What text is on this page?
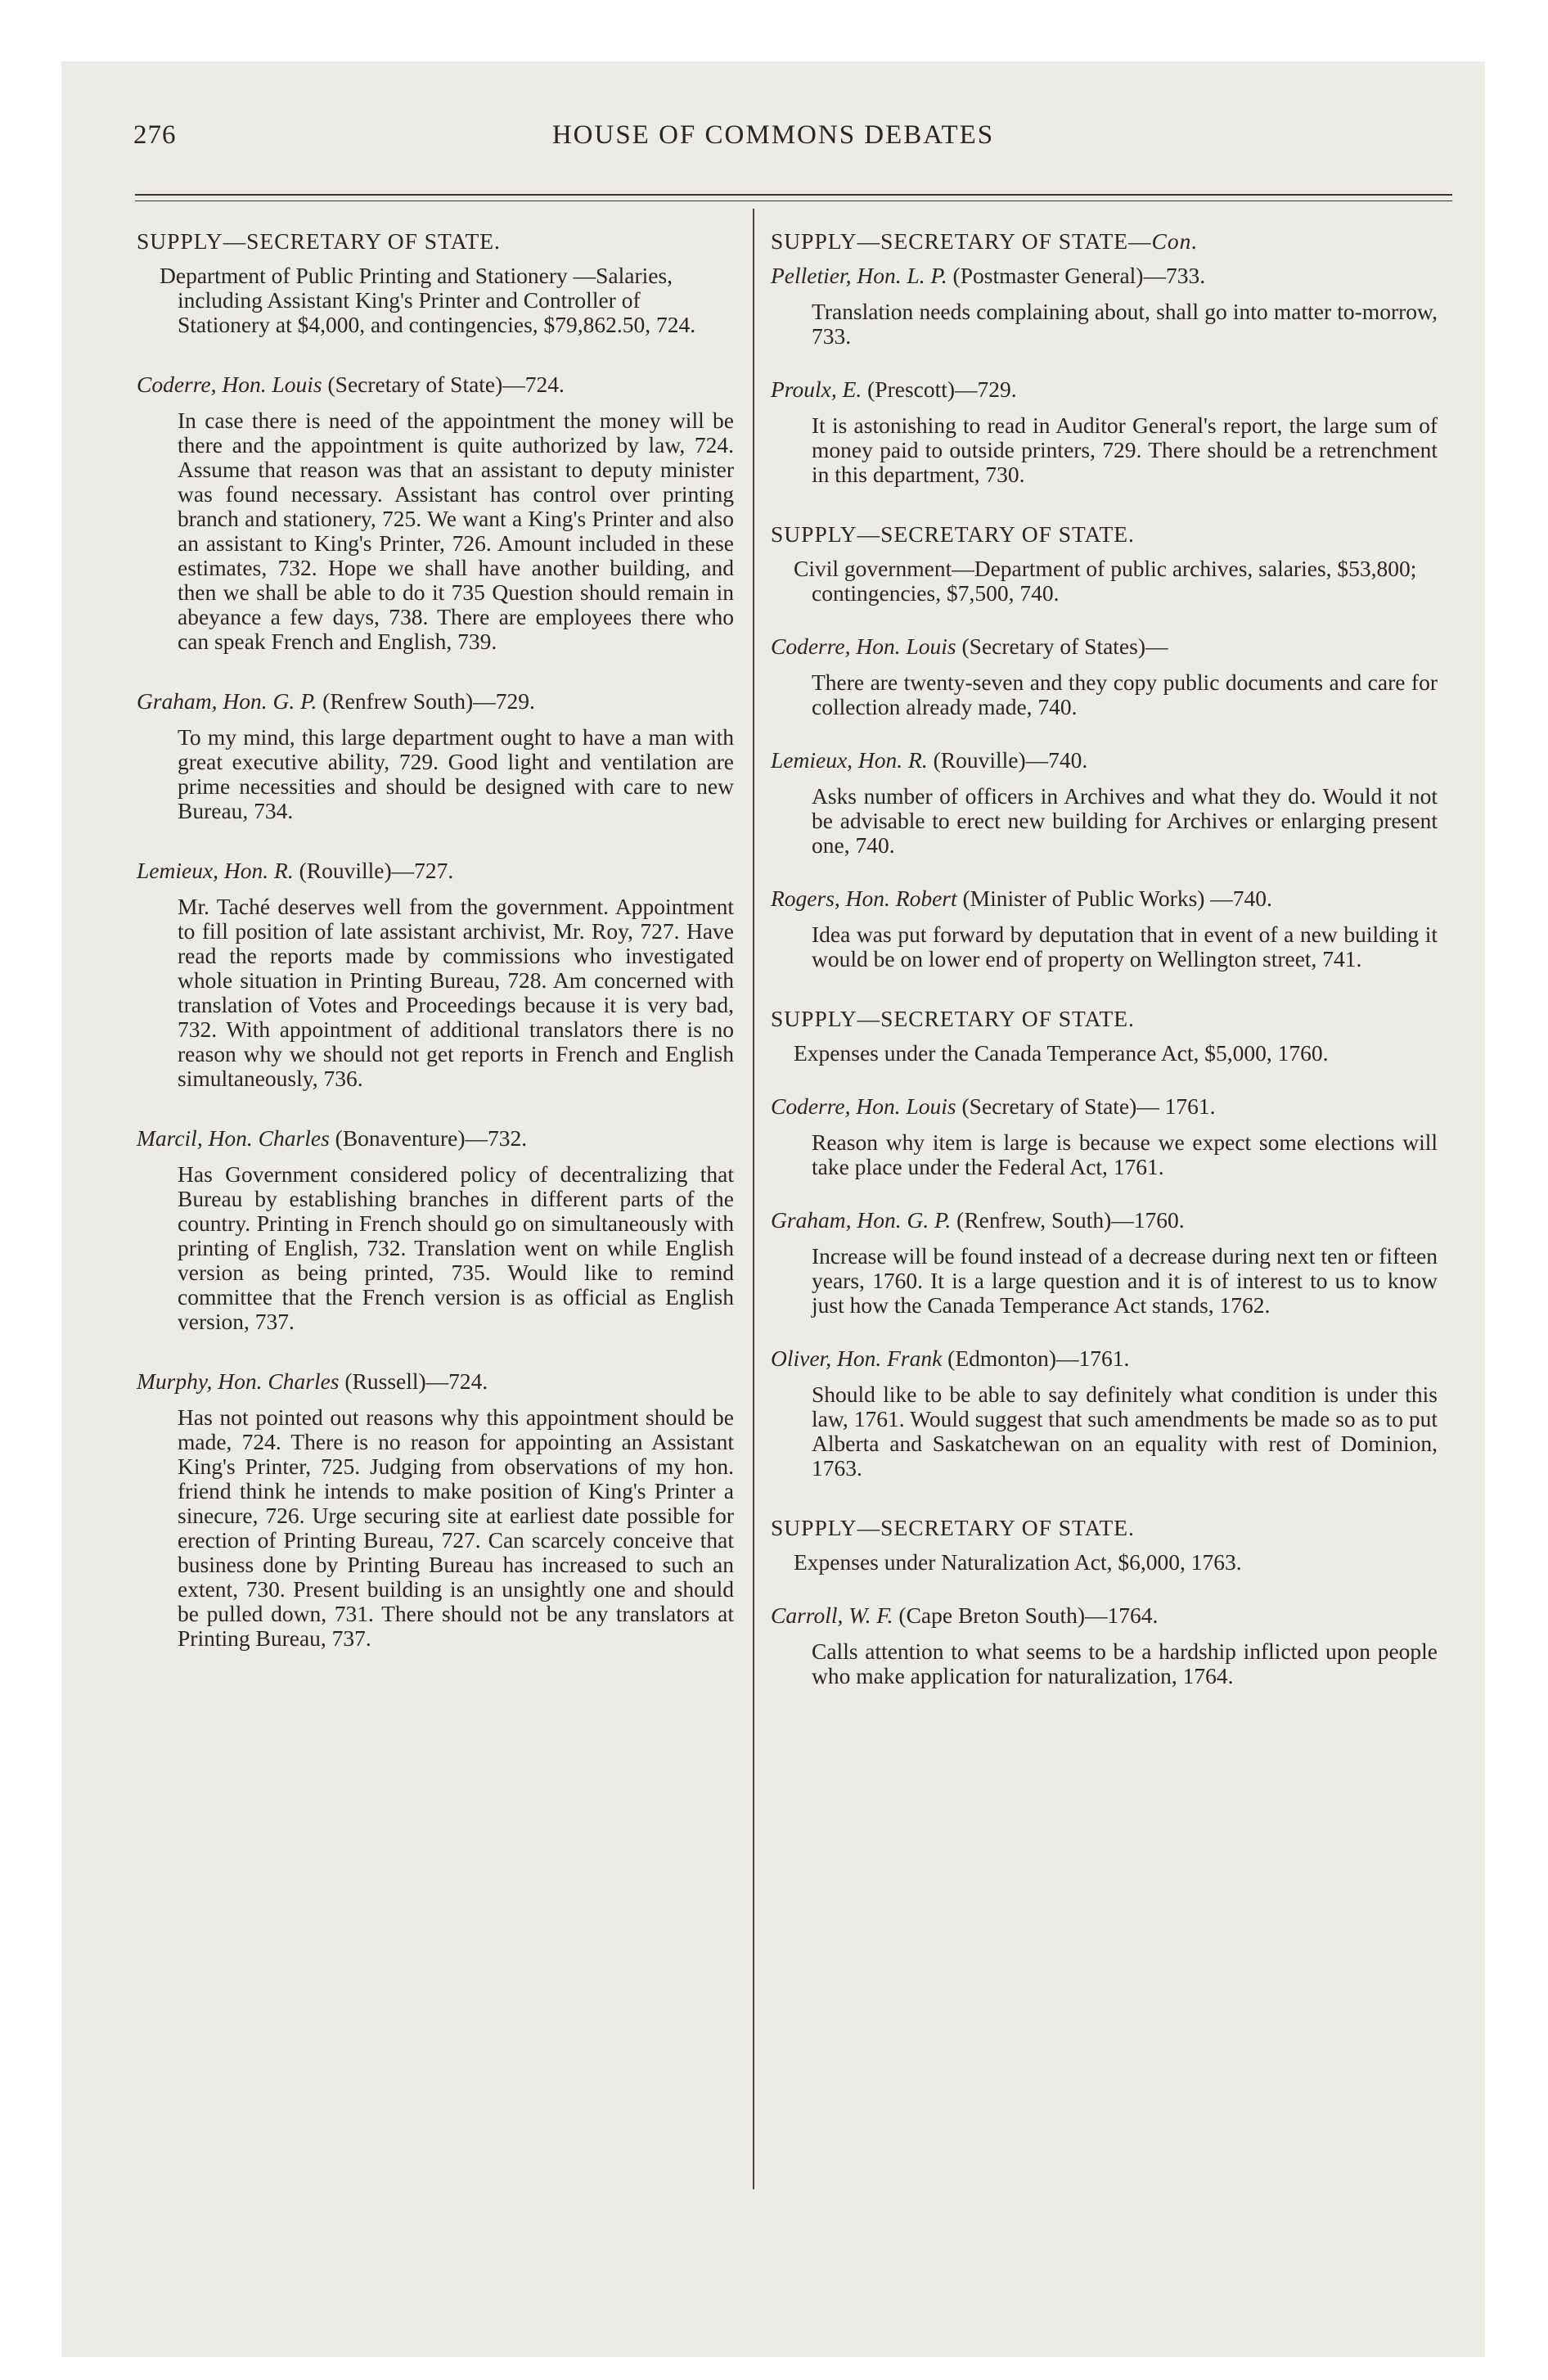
276	HOUSE OF COMMONS DEBATES

SUPPLY—SECRETARY OF STATE.

Department of Public Printing and Stationery —Salaries, including Assistant King's Printer and Controller of Stationery at $4,000, and contingencies, $79,862.50, 724.

Coderre, Hon. Louis (Secretary of State)—724.

In case there is need of the appointment the money will be there and the appointment is quite authorized by law, 724. Assume that reason was that an assistant to deputy minister was found necessary. Assistant has control over printing branch and stationery, 725. We want a King's Printer and also an assistant to King's Printer, 726. Amount included in these estimates, 732. Hope we shall have another building, and then we shall be able to do it 735 Question should remain in abeyance a few days, 738. There are employees there who can speak French and English, 739.

Graham, Hon. G. P. (Renfrew South)—729.

To my mind, this large department ought to have a man with great executive ability, 729. Good light and ventilation are prime necessities and should be designed with care to new Bureau, 734.

Lemieux, Hon. R. (Rouville)—727.

Mr. Taché deserves well from the government. Appointment to fill position of late assistant archivist, Mr. Roy, 727. Have read the reports made by commissions who investigated whole situation in Printing Bureau, 728. Am concerned with translation of Votes and Proceedings because it is very bad, 732. With appointment of additional translators there is no reason why we should not get reports in French and English simultaneously, 736.

Marcil, Hon. Charles (Bonaventure)—732.

Has Government considered policy of decentralizing that Bureau by establishing branches in different parts of the country. Printing in French should go on simultaneously with printing of English, 732. Translation went on while English version as being printed, 735. Would like to remind committee that the French version is as official as English version, 737.

Murphy, Hon. Charles (Russell)—724.

Has not pointed out reasons why this appointment should be made, 724. There is no reason for appointing an Assistant King's Printer, 725. Judging from observations of my hon. friend think he intends to make position of King's Printer a sinecure, 726. Urge securing site at earliest date possible for erection of Printing Bureau, 727. Can scarcely conceive that business done by Printing Bureau has increased to such an extent, 730. Present building is an unsightly one and should be pulled down, 731. There should not be any translators at Printing Bureau, 737.

SUPPLY—SECRETARY OF STATE—Con.

Pelletier, Hon. L. P. (Postmaster General)—733.

Translation needs complaining about, shall go into matter to-morrow, 733.

Proulx, E. (Prescott)—729.

It is astonishing to read in Auditor General's report, the large sum of money paid to outside printers, 729. There should be a retrenchment in this department, 730.

SUPPLY—SECRETARY OF STATE.

Civil government—Department of public archives, salaries, $53,800; contingencies, $7,500, 740.

Coderre, Hon. Louis (Secretary of States)—

There are twenty-seven and they copy public documents and care for collection already made, 740.

Lemieux, Hon. R. (Rouville)—740.

Asks number of officers in Archives and what they do. Would it not be advisable to erect new building for Archives or enlarging present one, 740.

Rogers, Hon. Robert (Minister of Public Works) —740.

Idea was put forward by deputation that in event of a new building it would be on lower end of property on Wellington street, 741.

SUPPLY—SECRETARY OF STATE.

Expenses under the Canada Temperance Act, $5,000, 1760.

Coderre, Hon. Louis (Secretary of State)— 1761.

Reason why item is large is because we expect some elections will take place under the Federal Act, 1761.

Graham, Hon. G. P. (Renfrew, South)—1760.

Increase will be found instead of a decrease during next ten or fifteen years, 1760. It is a large question and it is of interest to us to know just how the Canada Temperance Act stands, 1762.

Oliver, Hon. Frank (Edmonton)—1761.

Should like to be able to say definitely what condition is under this law, 1761. Would suggest that such amendments be made so as to put Alberta and Saskatchewan on an equality with rest of Dominion, 1763.

SUPPLY—SECRETARY OF STATE.

Expenses under Naturalization Act, $6,000, 1763.

Carroll, W. F. (Cape Breton South)—1764.

Calls attention to what seems to be a hardship inflicted upon people who make application for naturalization, 1764.
